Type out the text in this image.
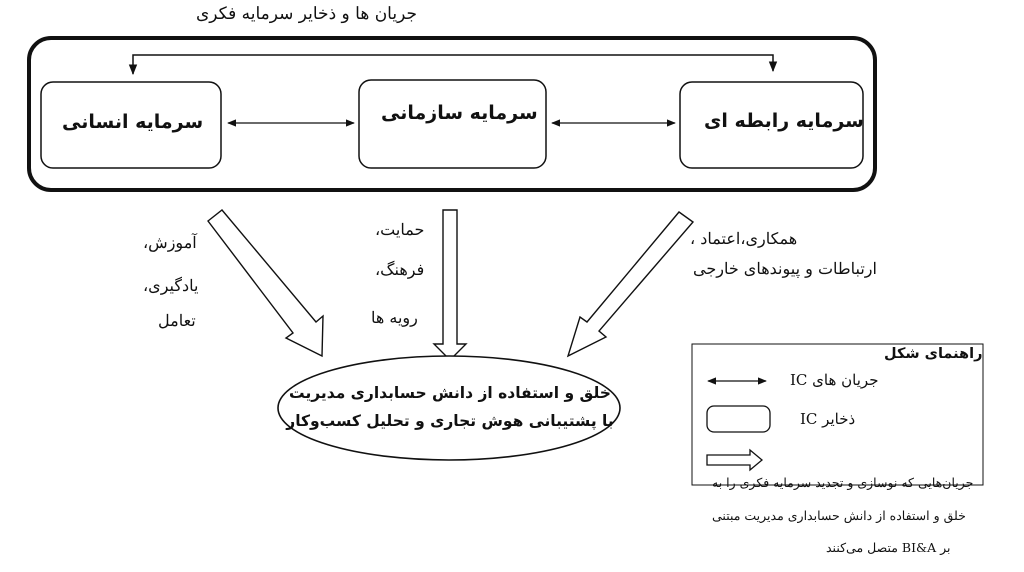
جریان ها و ذخایر سرمایه فکری
سرمایه انسانی	سرمایه سازمانی	سرمایه رابطه ای
آموزش،
یادگیری،
تعامل
حمایت،
فرهنگ،
رویه ها
همکاری،اعتماد ،
ارتباطات و پیوندهای خارجی
خلق و استفاده از دانش حسابداری مدیریت
با پشتیبانی هوش تجاری و تحلیل کسب‌وکار
راهنمای شکل
جریان های IC
ذخایر IC
جریان‌هایی که نوسازی و تجدید سرمایه فکری را به
خلق و استفاده از دانش حسابداری مدیریت مبتنی
بر BI&A متصل می‌کنند
